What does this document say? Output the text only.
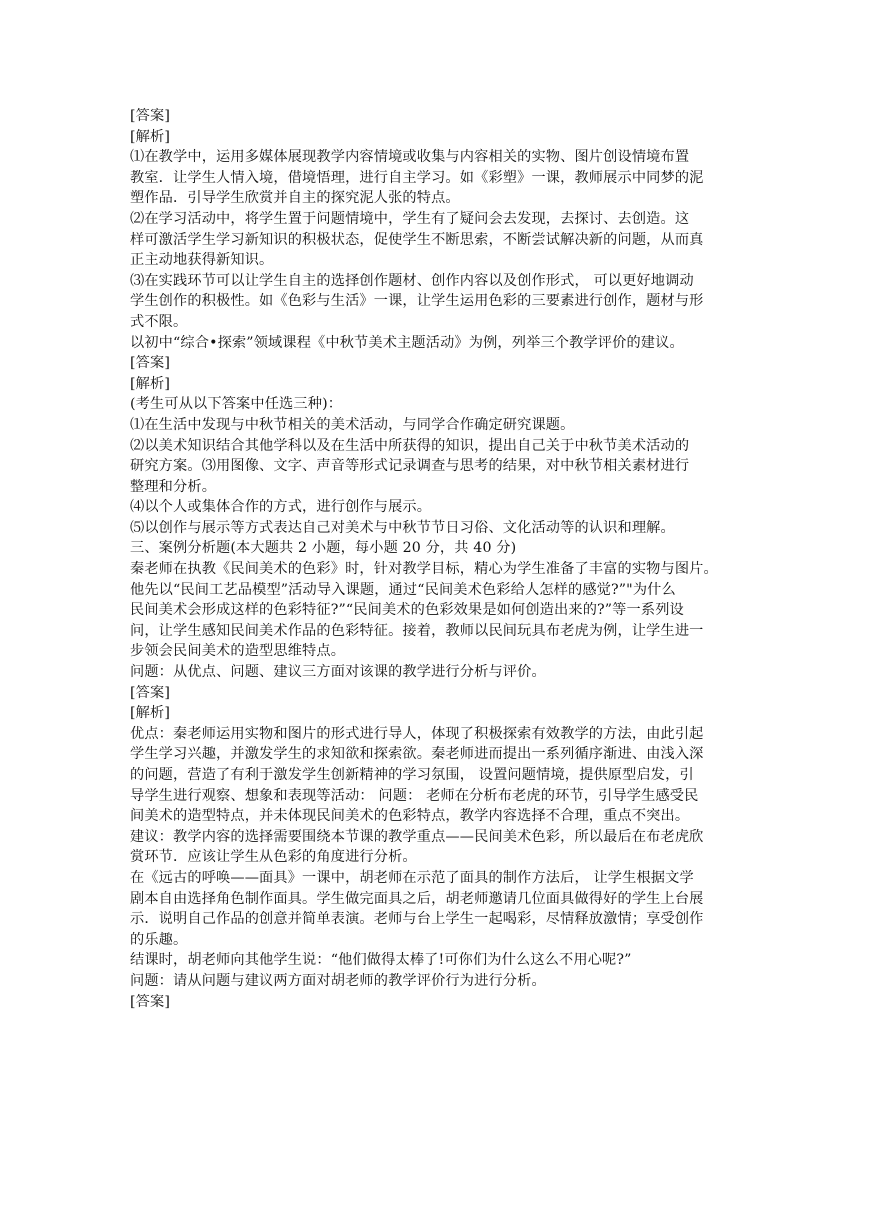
[答案]
[解析]
⑴在教学中，运用多媒体展现教学内容情境或收集与内容相关的实物、图片创设情境布置
教室．让学生人情入境，借境悟理，进行自主学习。如《彩塑》一课，教师展示中同梦的泥
塑作品．引导学生欣赏并自主的探究泥人张的特点。
⑵在学习活动中，将学生置于问题情境中，学生有了疑问会去发现，去探讨、去创造。这
样可激活学生学习新知识的积极状态，促使学生不断思索，不断尝试解决新的问题，从而真
正主动地获得新知识。
⑶在实践环节可以让学生自主的选择创作题材、创作内容以及创作形式， 可以更好地调动
学生创作的积极性。如《色彩与生活》一课，让学生运用色彩的三要素进行创作，题材与形
式不限。
以初中“综合•探索”领域课程《中秋节美术主题活动》为例，列举三个教学评价的建议。
[答案]
[解析]
(考生可从以下答案中任选三种)：
⑴在生活中发现与中秋节相关的美术活动，与同学合作确定研究课题。
⑵以美术知识结合其他学科以及在生活中所获得的知识，提出自己关于中秋节美术活动的
研究方案。⑶用图像、文字、声音等形式记录调查与思考的结果，对中秋节相关素材进行
整理和分析。
⑷以个人或集体合作的方式，进行创作与展示。
⑸以创作与展示等方式表达自己对美术与中秋节节日习俗、文化活动等的认识和理解。
三、案例分析题(本大题共 2 小题，每小题 20 分，共 40 分)
秦老师在执教《民间美术的色彩》时，针对教学目标，精心为学生准备了丰富的实物与图片。
他先以“民间工艺品模型”活动导入课题，通过“民间美术色彩给人怎样的感觉?”"为什么
民间美术会形成这样的色彩特征?”“民间美术的色彩效果是如何创造出来的?”等一系列设
问，让学生感知民间美术作品的色彩特征。接着，教师以民间玩具布老虎为例，让学生进一
步领会民间美术的造型思维特点。
问题：从优点、问题、建议三方面对该课的教学进行分析与评价。
[答案]
[解析]
优点：秦老师运用实物和图片的形式进行导人，体现了积极探索有效教学的方法，由此引起
学生学习兴趣，并激发学生的求知欲和探索欲。秦老师进而提出一系列循序渐进、由浅入深
的问题，营造了有利于激发学生创新精神的学习氛围， 设置问题情境，提供原型启发，引
导学生进行观察、想象和表现等活动： 问题： 老师在分析布老虎的环节，引导学生感受民
间美术的造型特点，并未体现民间美术的色彩特点，教学内容选择不合理，重点不突出。
建议：教学内容的选择需要围绕本节课的教学重点——民间美术色彩，所以最后在布老虎欣
赏环节．应该让学生从色彩的角度进行分析。
在《远古的呼唤——面具》一课中，胡老师在示范了面具的制作方法后， 让学生根据文学
剧本自由选择角色制作面具。学生做完面具之后，胡老师邀请几位面具做得好的学生上台展
示．说明自己作品的创意并简单表演。老师与台上学生一起喝彩，尽情释放激情；享受创作
的乐趣。
结课时，胡老师向其他学生说：“他们做得太棒了!可你们为什么这么不用心呢?”
问题：请从问题与建议两方面对胡老师的教学评价行为进行分析。
[答案]
